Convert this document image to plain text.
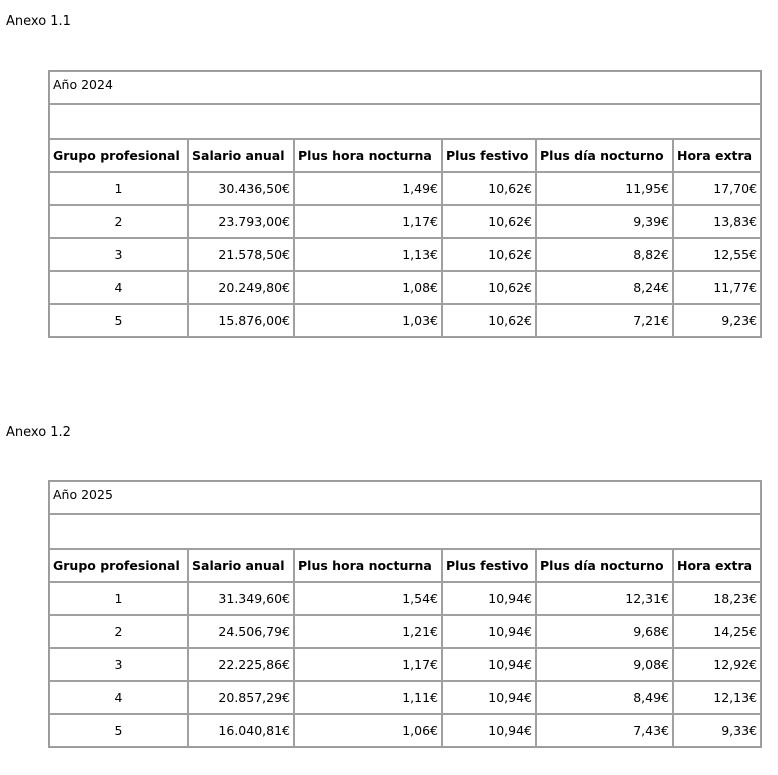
Anexo 1.1
Año 2024					

Grupo profesional	Salario anual	Plus hora nocturna	Plus festivo	Plus día nocturno	Hora extra
1	30.436,50€	1,49€	10,62€	11,95€	17,70€
2	23.793,00€	1,17€	10,62€	9,39€	13,83€
3	21.578,50€	1,13€	10,62€	8,82€	12,55€
4	20.249,80€	1,08€	10,62€	8,24€	11,77€
5	15.876,00€	1,03€	10,62€	7,21€	9,23€
Anexo 1.2
Año 2025					

Grupo profesional	Salario anual	Plus hora nocturna	Plus festivo	Plus día nocturno	Hora extra
1	31.349,60€	1,54€	10,94€	12,31€	18,23€
2	24.506,79€	1,21€	10,94€	9,68€	14,25€
3	22.225,86€	1,17€	10,94€	9,08€	12,92€
4	20.857,29€	1,11€	10,94€	8,49€	12,13€
5	16.040,81€	1,06€	10,94€	7,43€	9,33€
